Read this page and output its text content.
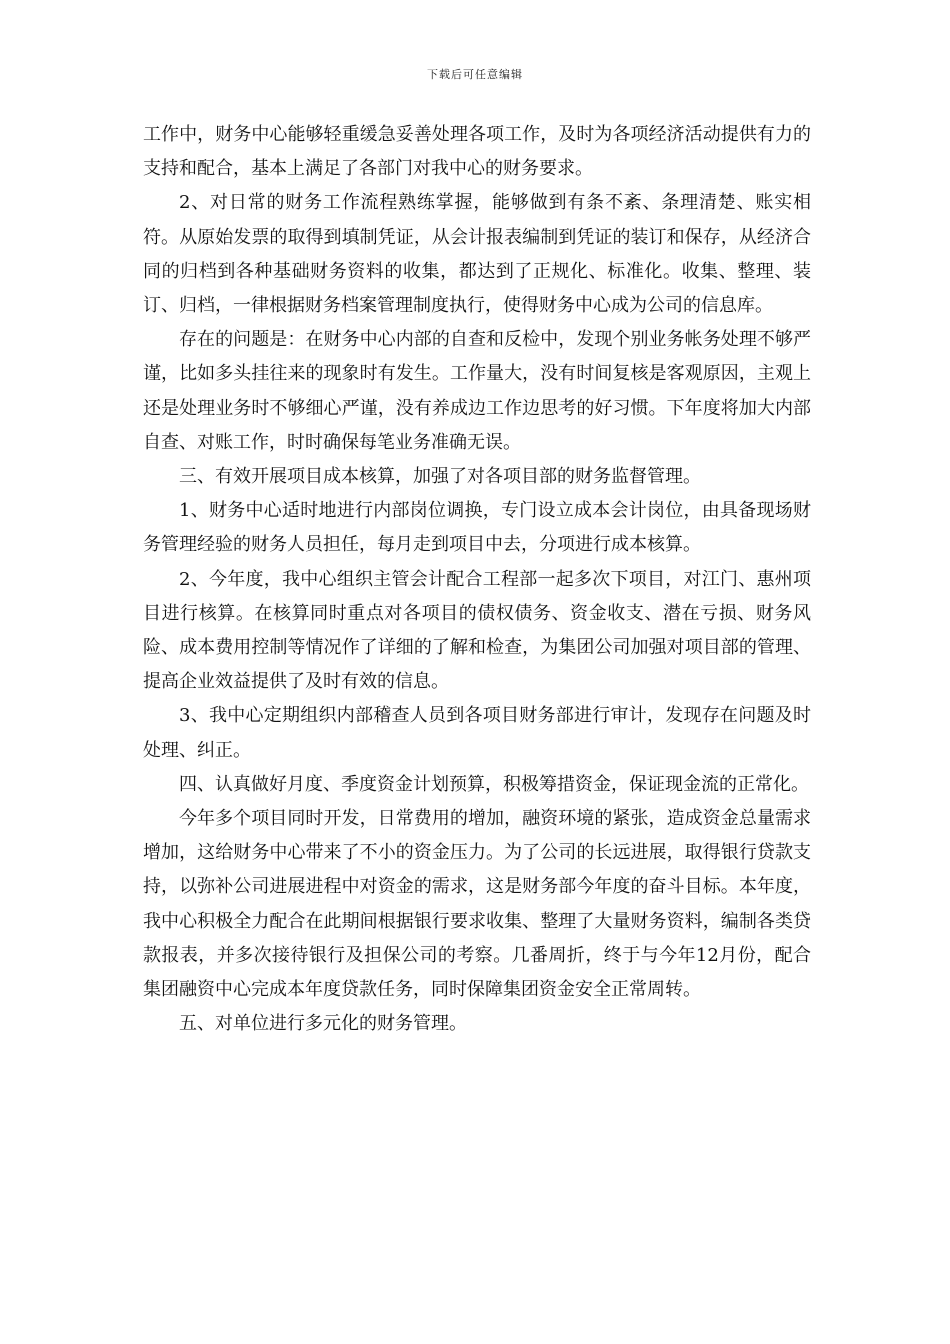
下载后可任意编辑

工作中，财务中心能够轻重缓急妥善处理各项工作，及时为各项经济活动提供有力的支持和配合，基本上满足了各部门对我中心的财务要求。

2、对日常的财务工作流程熟练掌握，能够做到有条不紊、条理清楚、账实相符。从原始发票的取得到填制凭证，从会计报表编制到凭证的装订和保存，从经济合同的归档到各种基础财务资料的收集，都达到了正规化、标准化。收集、整理、装订、归档，一律根据财务档案管理制度执行，使得财务中心成为公司的信息库。

存在的问题是：在财务中心内部的自查和反检中，发现个别业务帐务处理不够严谨，比如多头挂往来的现象时有发生。工作量大，没有时间复核是客观原因，主观上还是处理业务时不够细心严谨，没有养成边工作边思考的好习惯。下年度将加大内部自查、对账工作，时时确保每笔业务准确无误。

三、有效开展项目成本核算，加强了对各项目部的财务监督管理。

1、财务中心适时地进行内部岗位调换，专门设立成本会计岗位，由具备现场财务管理经验的财务人员担任，每月走到项目中去，分项进行成本核算。

2、今年度，我中心组织主管会计配合工程部一起多次下项目，对江门、惠州项目进行核算。在核算同时重点对各项目的债权债务、资金收支、潜在亏损、财务风险、成本费用控制等情况作了详细的了解和检查，为集团公司加强对项目部的管理、提高企业效益提供了及时有效的信息。

3、我中心定期组织内部稽查人员到各项目财务部进行审计，发现存在问题及时处理、纠正。

四、认真做好月度、季度资金计划预算，积极筹措资金，保证现金流的正常化。

今年多个项目同时开发，日常费用的增加，融资环境的紧张，造成资金总量需求增加，这给财务中心带来了不小的资金压力。为了公司的长远进展，取得银行贷款支持，以弥补公司进展进程中对资金的需求，这是财务部今年度的奋斗目标。本年度，我中心积极全力配合在此期间根据银行要求收集、整理了大量财务资料，编制各类贷款报表，并多次接待银行及担保公司的考察。几番周折，终于与今年12月份，配合集团融资中心完成本年度贷款任务，同时保障集团资金安全正常周转。

五、对单位进行多元化的财务管理。
